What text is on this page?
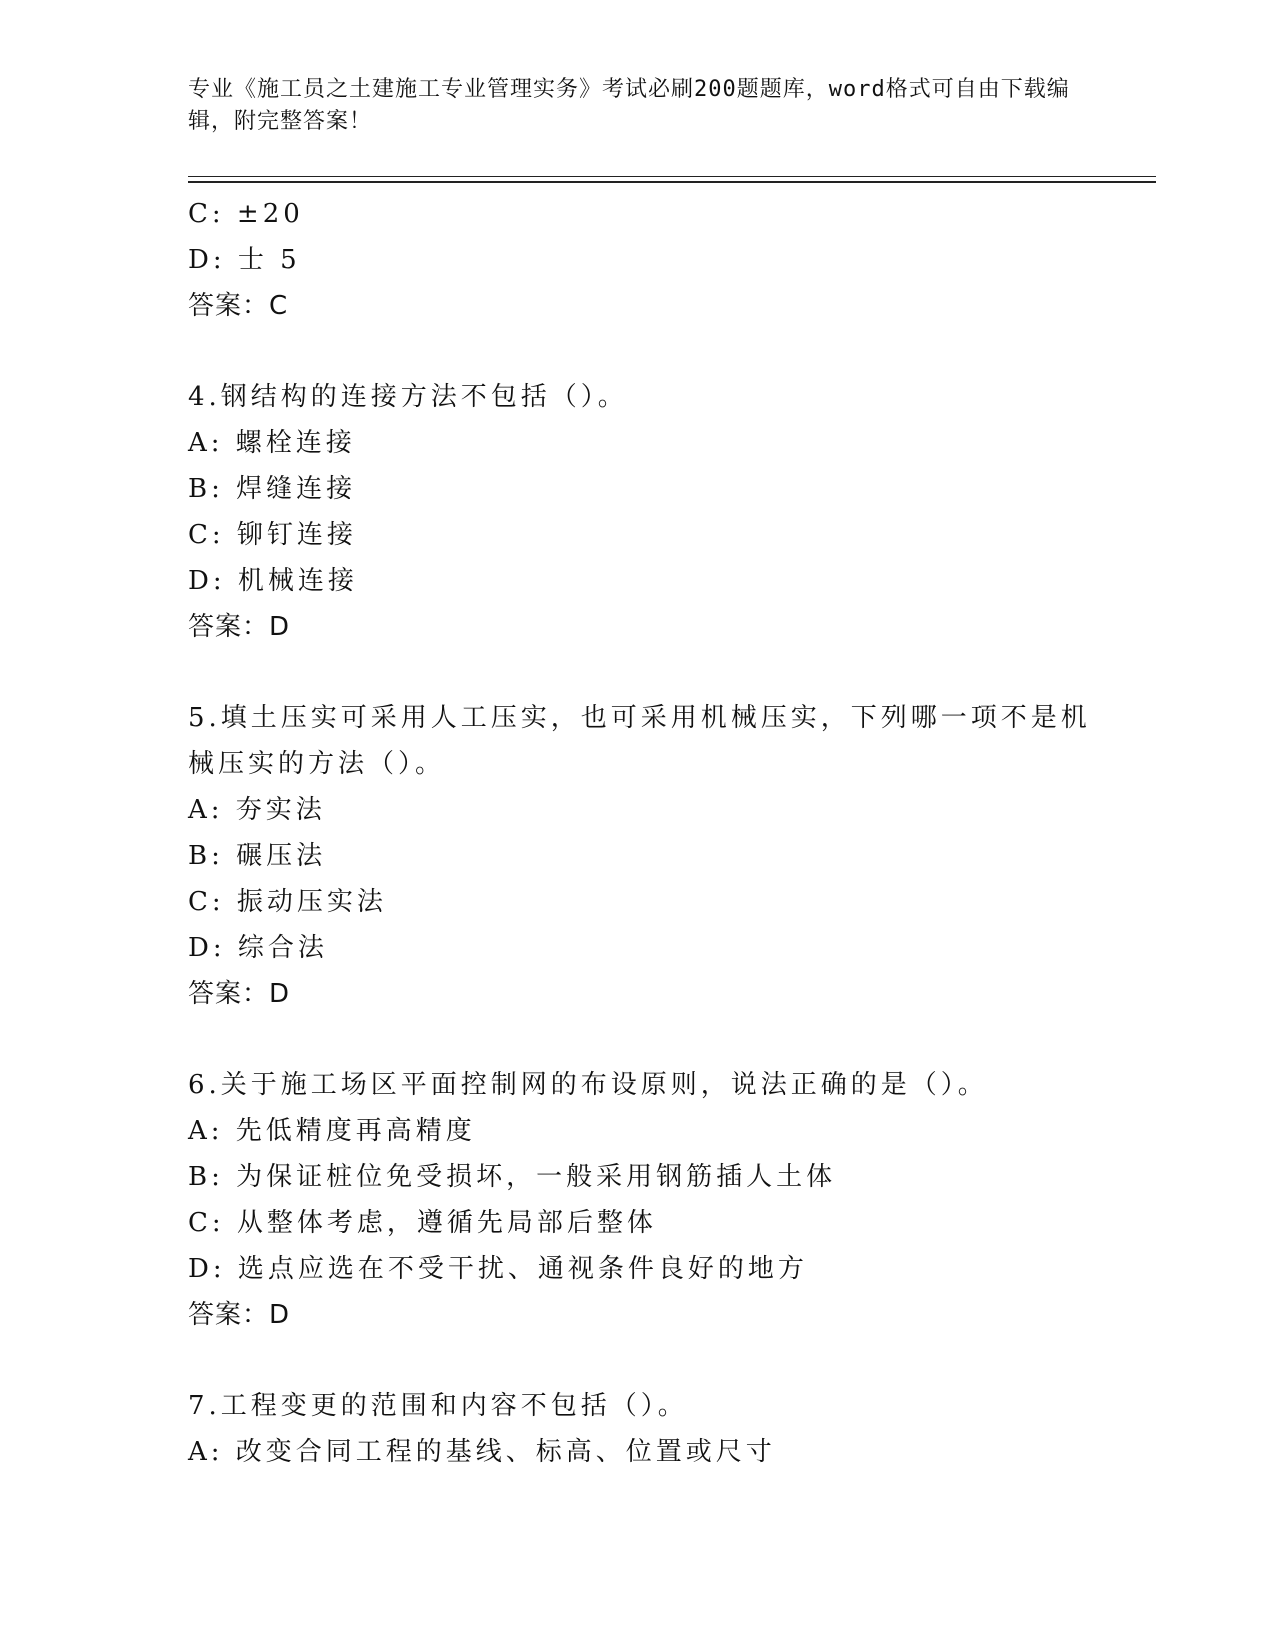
专业《施工员之土建施工专业管理实务》考试必刷200题题库，word格式可自由下载编辑，附完整答案！
C: ±20
D: 士 5
答案：C
4.钢结构的连接方法不包括（）。
A: 螺栓连接
B: 焊缝连接
C: 铆钉连接
D: 机械连接
答案：D
5.填土压实可采用人工压实，也可采用机械压实，下列哪一项不是机
械压实的方法（）。
A: 夯实法
B: 碾压法
C: 振动压实法
D: 综合法
答案：D
6.关于施工场区平面控制网的布设原则，说法正确的是（）。
A: 先低精度再高精度
B: 为保证桩位免受损坏，一般采用钢筋插人土体
C: 从整体考虑，遵循先局部后整体
D: 选点应选在不受干扰、通视条件良好的地方
答案：D
7.工程变更的范围和内容不包括（）。
A: 改变合同工程的基线、标高、位置或尺寸
